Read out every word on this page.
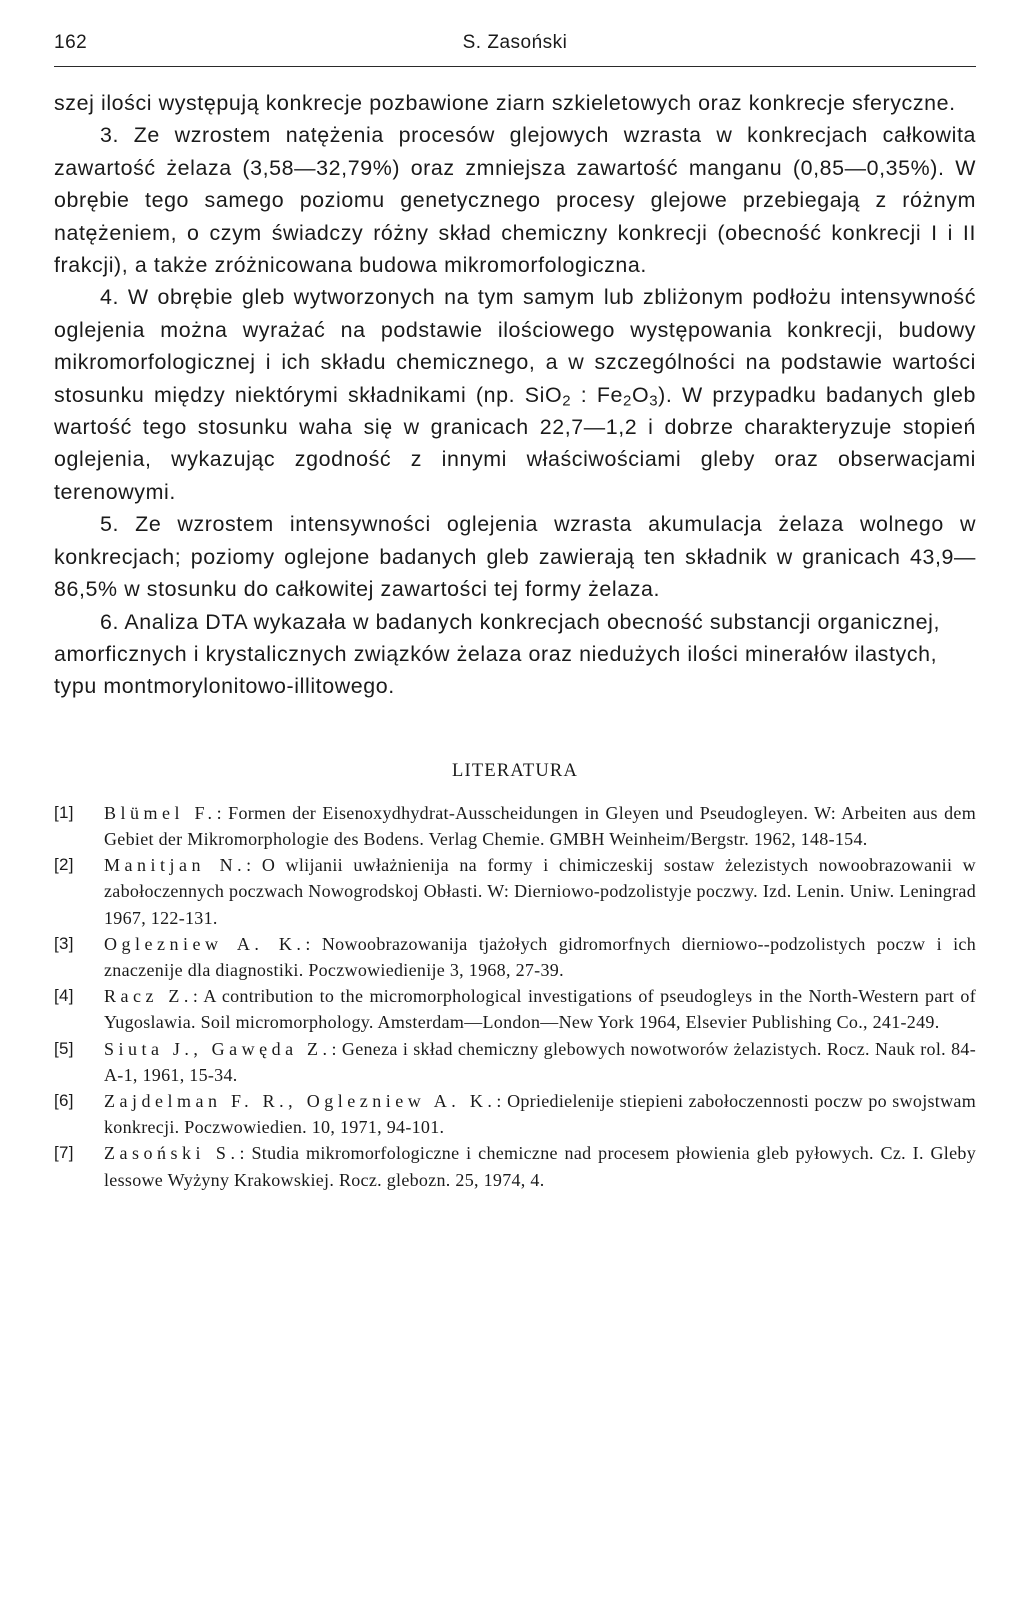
162	S. Zasoński

szej ilości występują konkrecje pozbawione ziarn szkieletowych oraz konkrecje sferyczne.

3. Ze wzrostem natężenia procesów glejowych wzrasta w konkrecjach całkowita zawartość żelaza (3,58—32,79%) oraz zmniejsza zawartość manganu (0,85—0,35%). W obrębie tego samego poziomu genetycznego procesy glejowe przebiegają z różnym natężeniem, o czym świadczy różny skład chemiczny konkrecji (obecność konkrecji I i II frakcji), a także zróżnicowana budowa mikromorfologiczna.

4. W obrębie gleb wytworzonych na tym samym lub zbliżonym podłożu intensywność oglejenia można wyrażać na podstawie ilościowego występowania konkrecji, budowy mikromorfologicznej i ich składu chemicznego, a w szczególności na podstawie wartości stosunku między niektórymi składnikami (np. SiO$_2$ : $Fe_2O_3$). W przypadku badanych gleb wartość tego stosunku waha się w granicach 22,7—1,2 i dobrze charakteryzuje stopień oglejenia, wykazując zgodność z innymi właściwościami gleby oraz obserwacjami terenowymi.

5. Ze wzrostem intensywności oglejenia wzrasta akumulacja żelaza wolnego w konkrecjach; poziomy oglejone badanych gleb zawierają ten składnik w granicach 43,9—86,5% w stosunku do całkowitej zawartości tej formy żelaza.

6. Analiza DTA wykazała w badanych konkrecjach obecność substancji organicznej, amorficznych i krystalicznych związków żelaza oraz niedużych ilości minerałów ilastych, typu montmorylonitowo-illitowego.

LITERATURA
[1]	Blümel F.: Formen der Eisenoxydhydrat-Ausscheidungen in Gleyen und Pseudogleyen. W: Arbeiten aus dem Gebiet der Mikromorphologie des Bodens. Verlag Chemie. GMBH Weinheim/Bergstr. 1962, 148-154.
[2]	Manitjan N.: O wlijanii uwłażnienija na formy i chimiczeskij sostaw żelezistych nowoobrazowanii w zabołoczennych poczwach Nowogrodskoj Obłasti. W: Dierniowo-podzolistyje poczwy. Izd. Lenin. Uniw. Leningrad 1967, 122-131.
[3]	Oglezniew A. K.: Nowoobrazowanija tjażołych gidromorfnych dierniowo--podzolistych poczw i ich znaczenije dla diagnostiki. Poczwowiedienije 3, 1968, 27-39.
[4]	Racz Z.: A contribution to the micromorphological investigations of pseudogleys in the North-Western part of Yugoslawia. Soil micromorphology. Amsterdam—London—New York 1964, Elsevier Publishing Co., 241-249.
[5]	Siuta J., Gawęda Z.: Geneza i skład chemiczny glebowych nowotworów żelazistych. Rocz. Nauk rol. 84-A-1, 1961, 15-34.
[6]	Zajdelman F. R., Oglezniew A. K.: Opriedielenije stiepieni zabołoczennosti poczw po swojstwam konkrecji. Poczwowiedien. 10, 1971, 94-101.
[7]	Zasoński S.: Studia mikromorfologiczne i chemiczne nad procesem płowienia gleb pyłowych. Cz. I. Gleby lessowe Wyżyny Krakowskiej. Rocz. glebozn. 25, 1974, 4.
